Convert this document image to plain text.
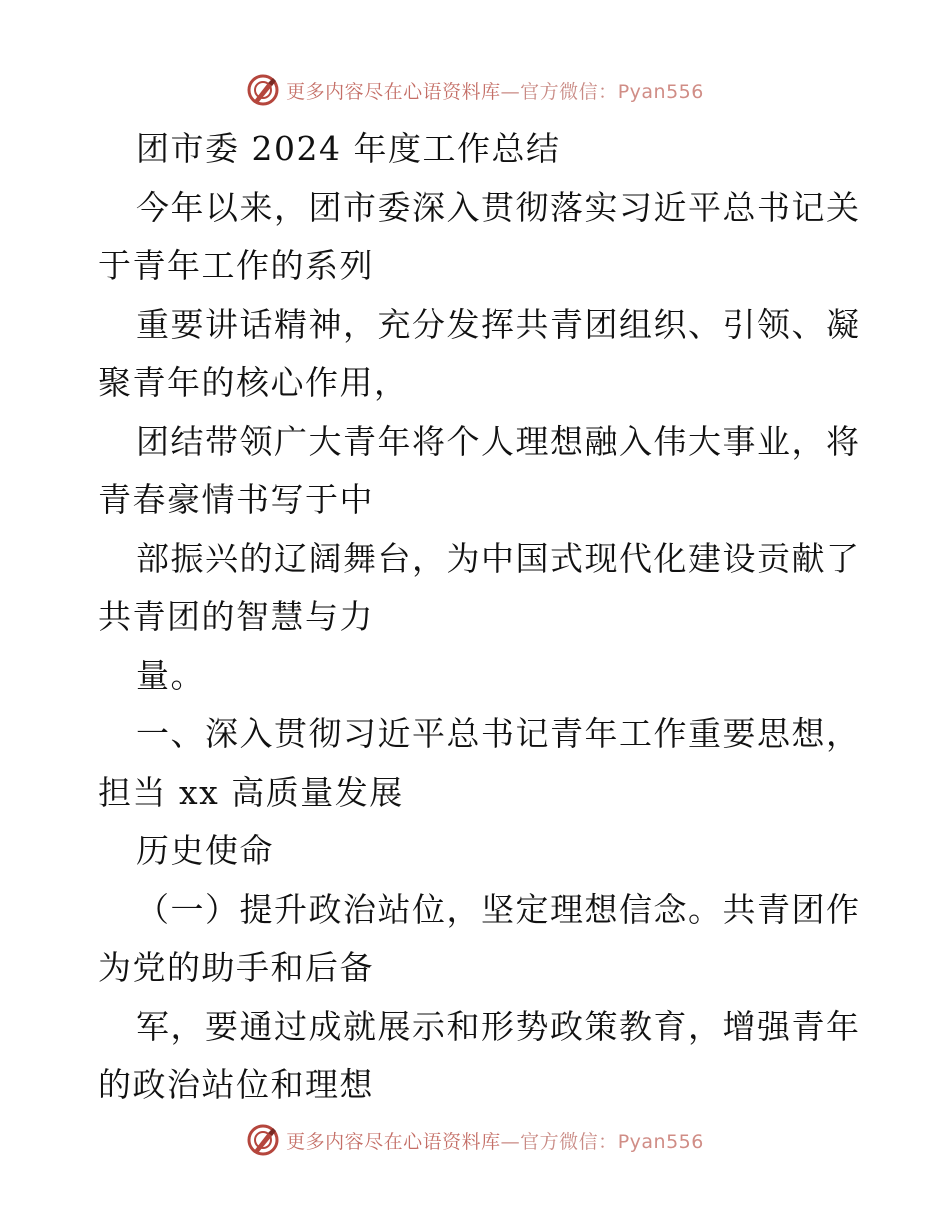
更多内容尽在心语资料库—官方微信：Pyan556
团市委 2024 年度工作总结
今年以来，团市委深入贯彻落实习近平总书记关
于青年工作的系列
重要讲话精神，充分发挥共青团组织、引领、凝
聚青年的核心作用，
团结带领广大青年将个人理想融入伟大事业，将
青春豪情书写于中
部振兴的辽阔舞台，为中国式现代化建设贡献了
共青团的智慧与力
量。
一、深入贯彻习近平总书记青年工作重要思想，
担当 xx 高质量发展
历史使命
（一）提升政治站位，坚定理想信念。共青团作
为党的助手和后备
军，要通过成就展示和形势政策教育，增强青年
的政治站位和理想
更多内容尽在心语资料库—官方微信：Pyan556
